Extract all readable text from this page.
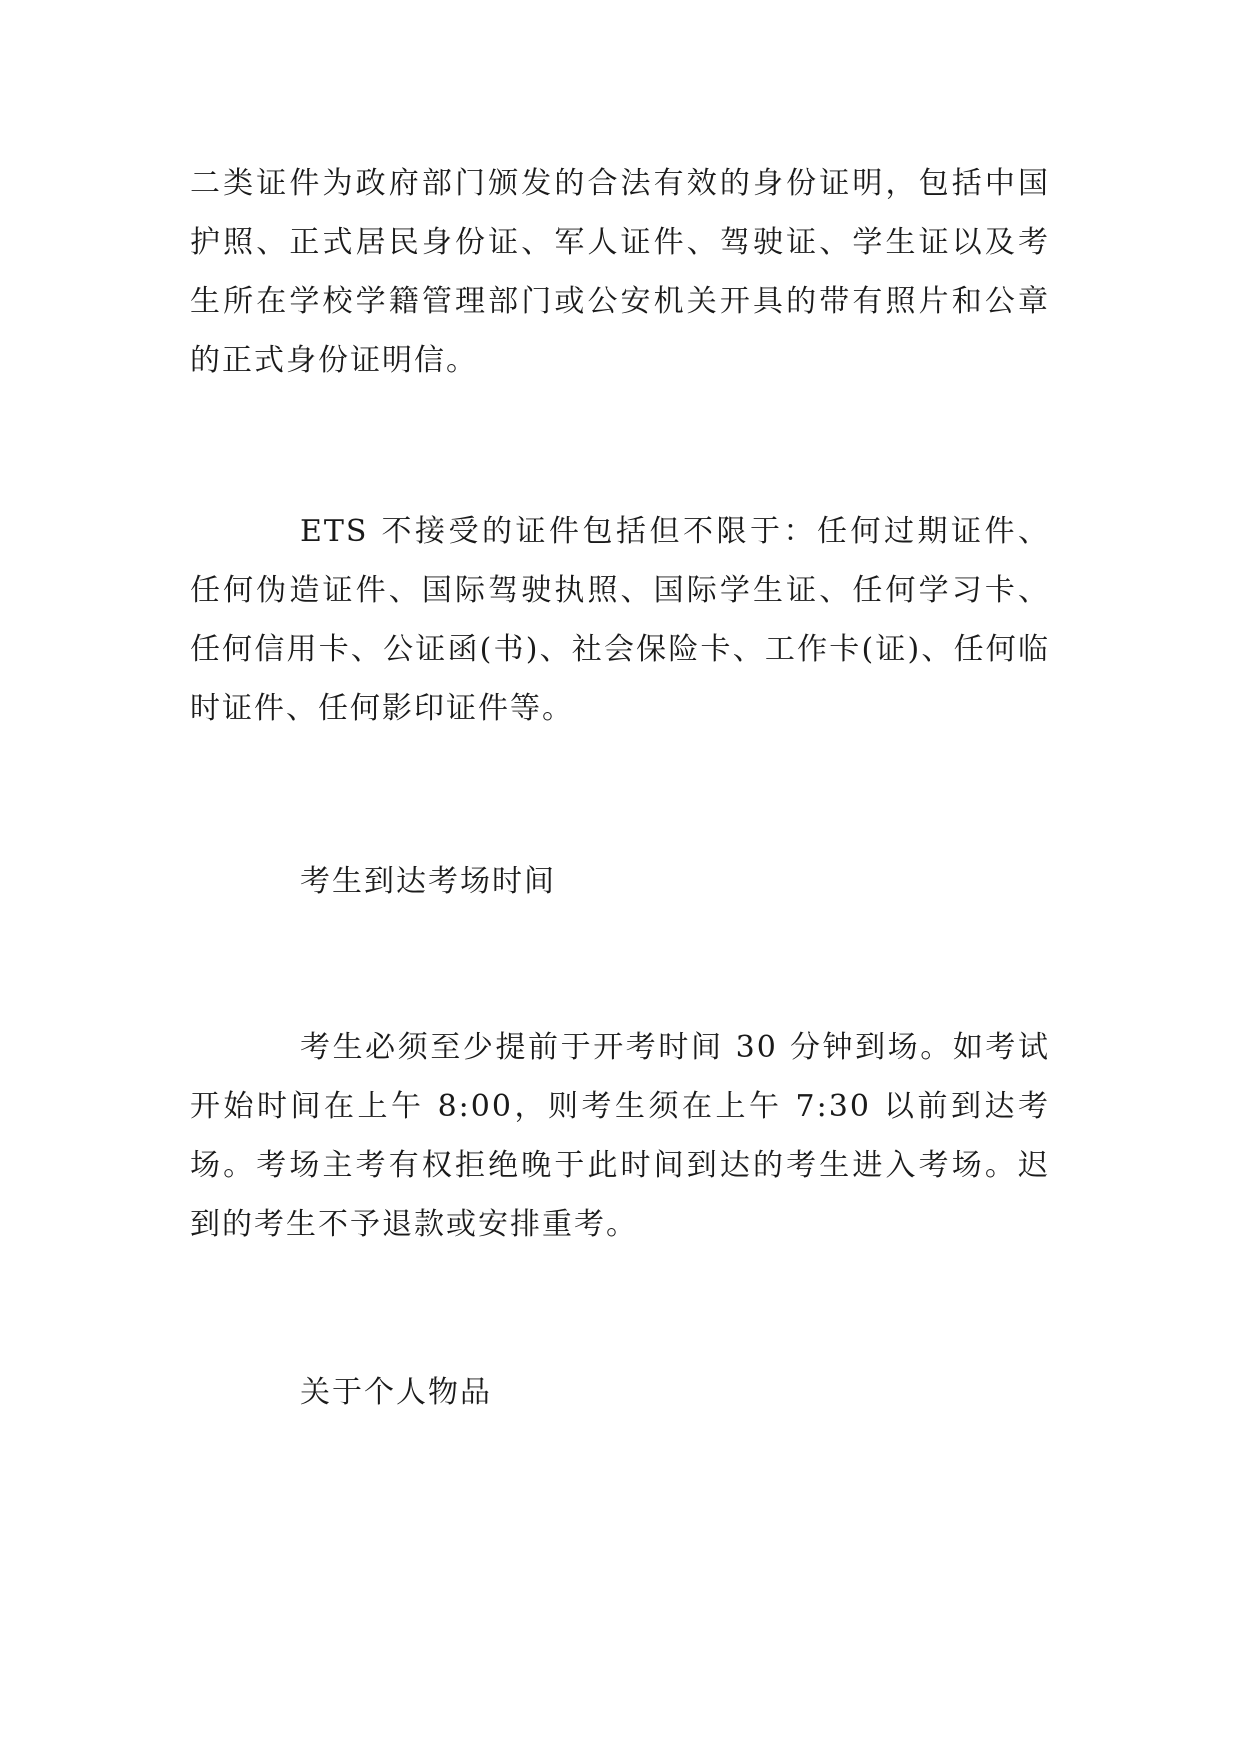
二类证件为政府部门颁发的合法有效的身份证明，包括中国护照、正式居民身份证、军人证件、驾驶证、学生证以及考生所在学校学籍管理部门或公安机关开具的带有照片和公章的正式身份证明信。

ETS 不接受的证件包括但不限于：任何过期证件、任何伪造证件、国际驾驶执照、国际学生证、任何学习卡、任何信用卡、公证函(书)、社会保险卡、工作卡(证)、任何临时证件、任何影印证件等。

考生到达考场时间

考生必须至少提前于开考时间 30 分钟到场。如考试开始时间在上午 8:00，则考生须在上午 7:30 以前到达考场。考场主考有权拒绝晚于此时间到达的考生进入考场。迟到的考生不予退款或安排重考。

关于个人物品
